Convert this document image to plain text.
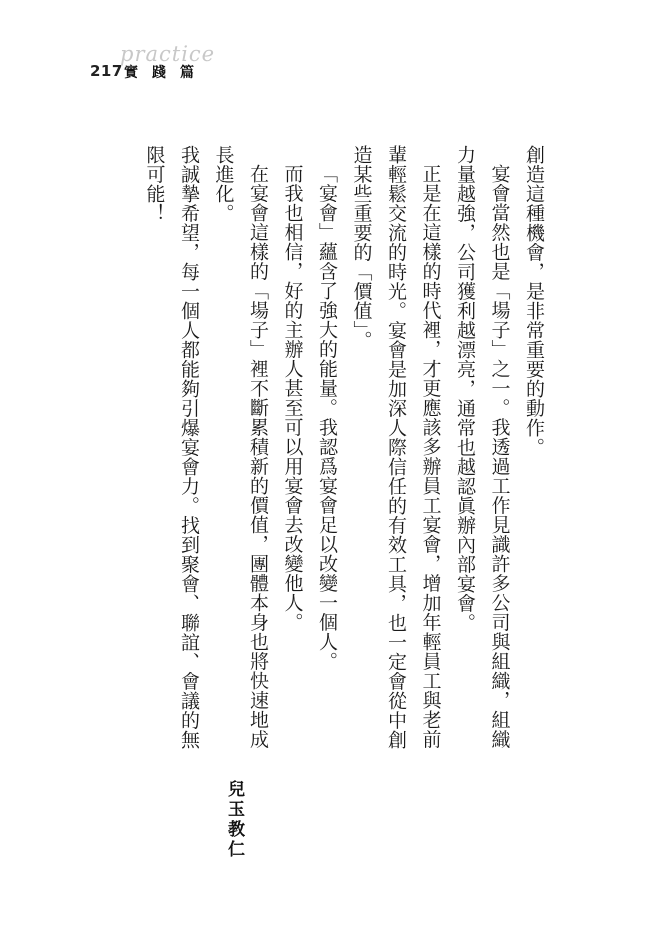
practice
217 實踐篇

創造這種機會，是非常重要的動作。

宴會當然也是「場子」之一。我透過工作見識許多公司與組織，組織力量越強，公司獲利越漂亮，通常也越認眞辦內部宴會。

正是在這樣的時代裡，才更應該多辦員工宴會，增加年輕員工與老前輩輕鬆交流的時光。宴會是加深人際信任的有效工具，也一定會從中創造某些重要的「價值」。

「宴會」蘊含了強大的能量。我認爲宴會足以改變一個人。

而我也相信，好的主辦人甚至可以用宴會去改變他人。

在宴會這樣的「場子」裡不斷累積新的價值，團體本身也將快速地成長進化。

我誠摯希望，每一個人都能夠引爆宴會力。找到聚會、聯誼、會議的無限可能！

兒玉教仁
